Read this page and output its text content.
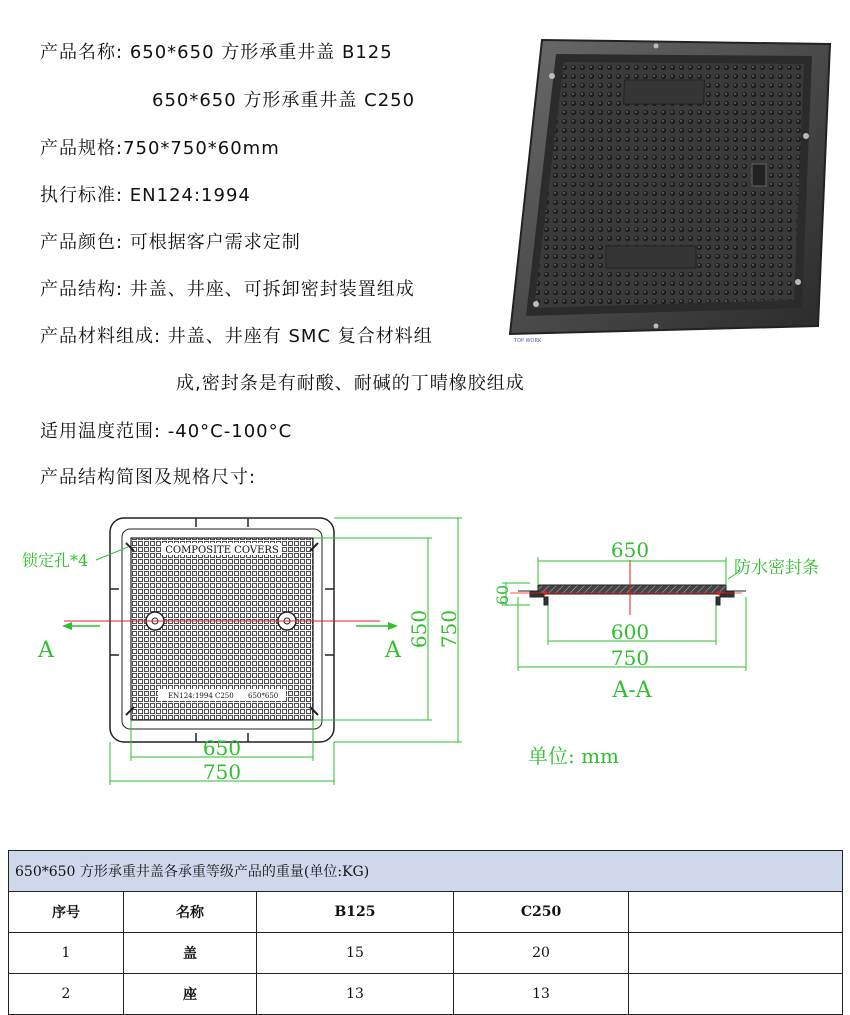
产品名称: 650*650 方形承重井盖 B125
650*650 方形承重井盖 C250
产品规格:750*750*60mm
执行标准: EN124:1994
产品颜色: 可根据客户需求定制
产品结构: 井盖、井座、可拆卸密封装置组成
产品材料组成: 井盖、井座有 SMC 复合材料组
成,密封条是有耐酸、耐碱的丁晴橡胶组成
适用温度范围: -40°C-100°C
产品结构简图及规格尺寸:
TOP WORK
COMPOSITE COVERS
EN124:1994 C250 650*650
A	A
锁定孔*4
650
750
650 750
650
600
750
60
防水密封条
A-A
单位: mm
650*650 方形承重井盖各承重等级产品的重量(单位:KG)				
序号	名称	B125	C250	
1	盖	15	20	
2	座	13	13	
